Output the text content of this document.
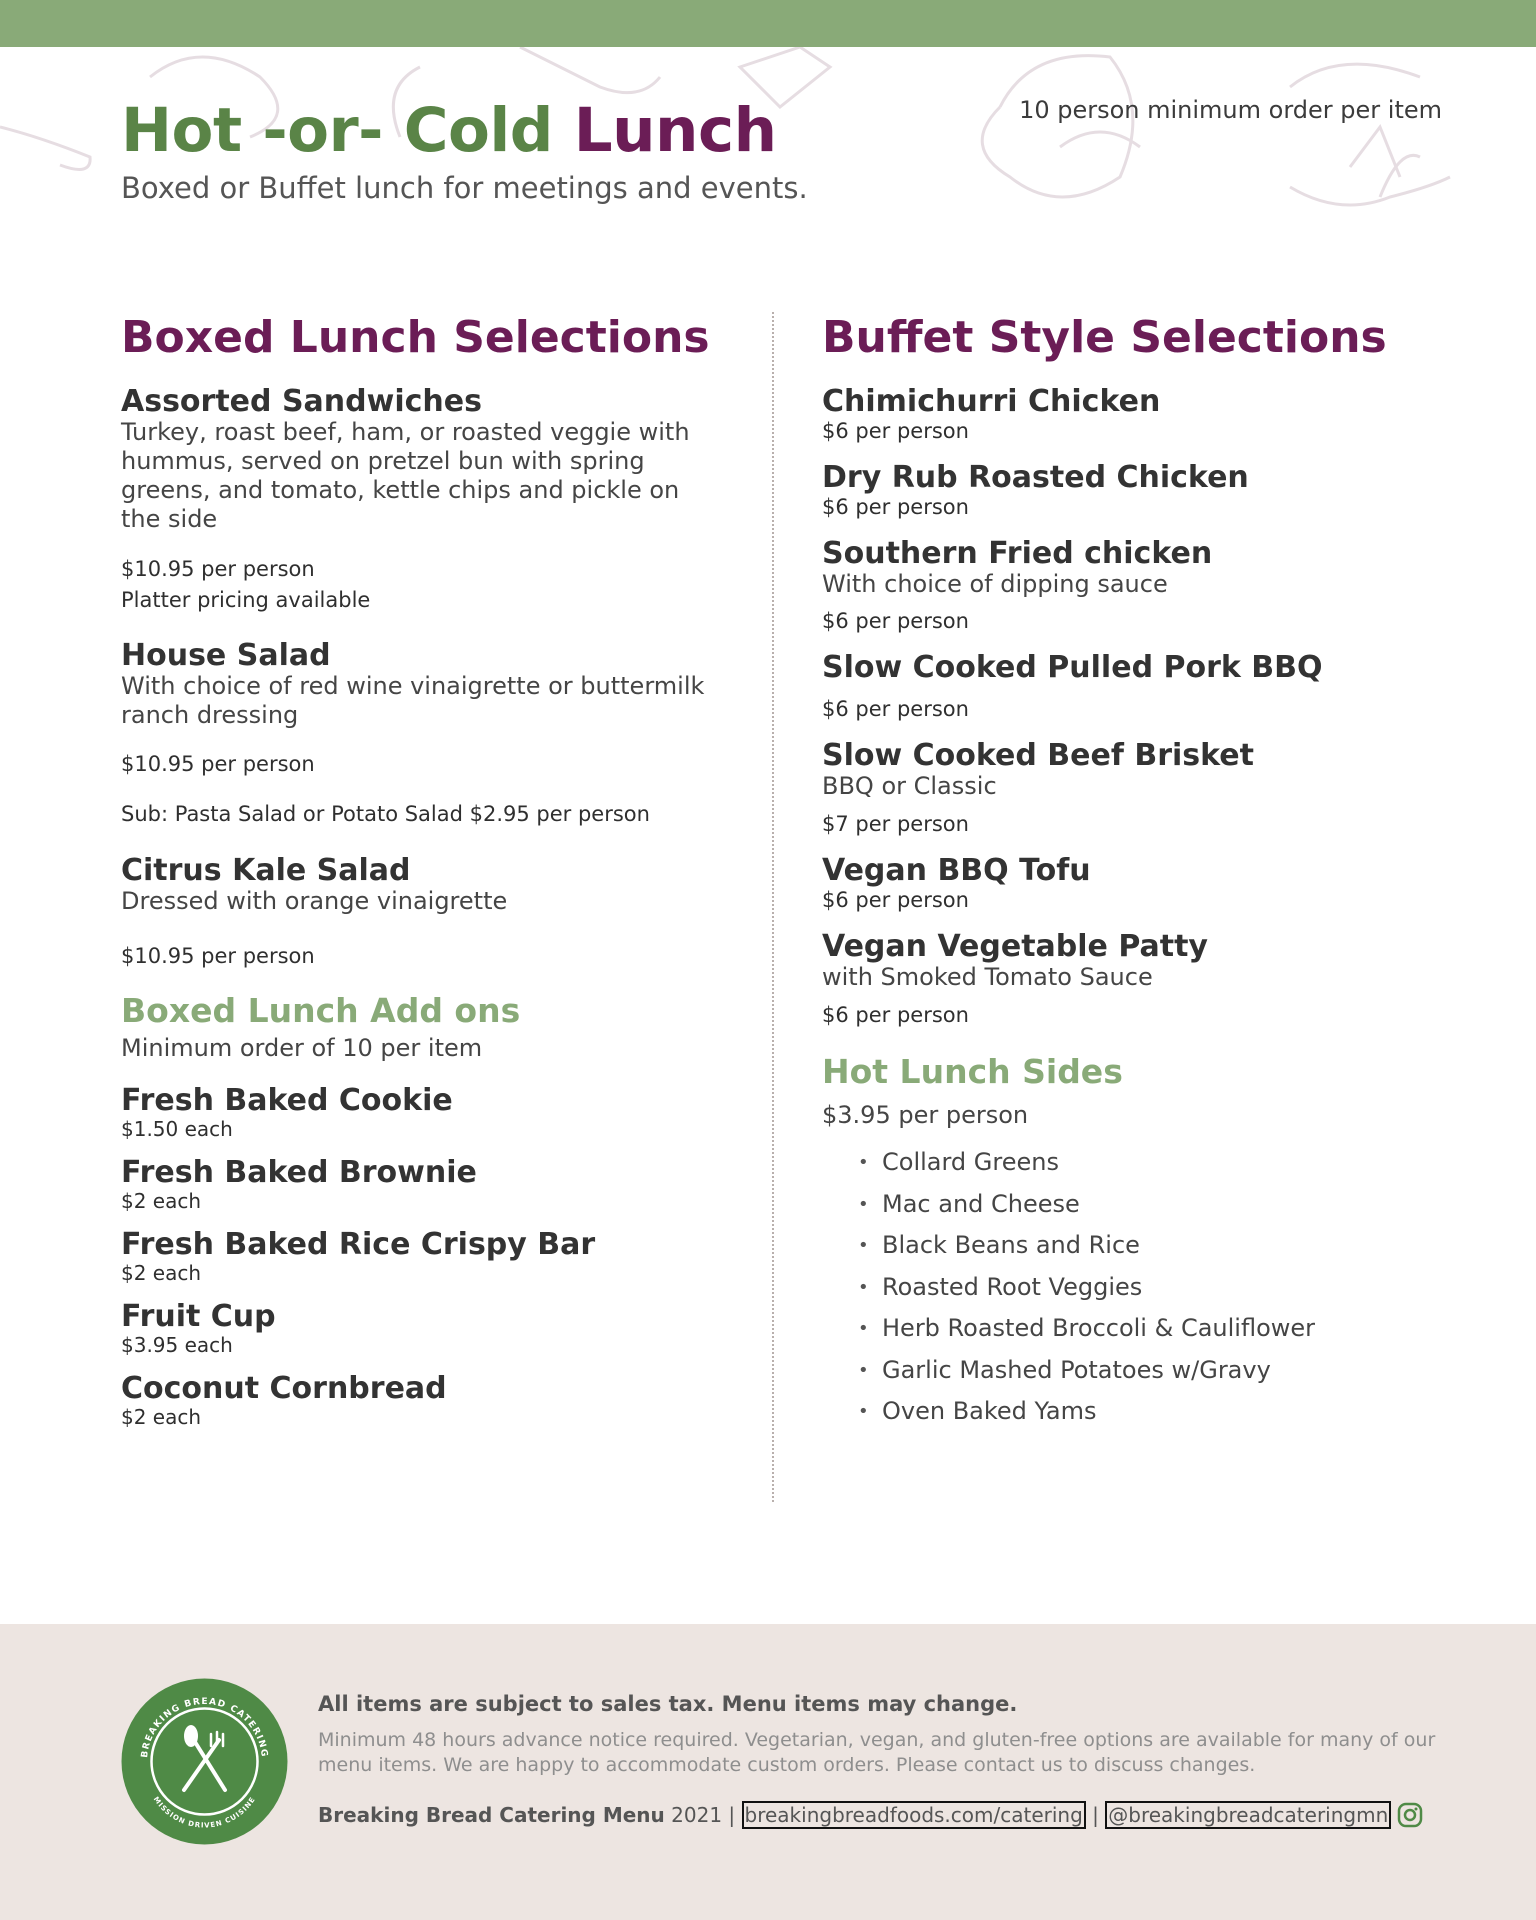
Hot -or- Cold Lunch
Boxed or Buffet lunch for meetings and events.
10 person minimum order per item
Boxed Lunch Selections
Assorted Sandwiches
Turkey, roast beef, ham, or roasted veggie with hummus, served on pretzel bun with spring greens, and tomato, kettle chips and pickle on the side
$10.95 per person
Platter pricing available
House Salad
With choice of red wine vinaigrette or buttermilk ranch dressing
$10.95 per person
Sub: Pasta Salad or Potato Salad $2.95 per person
Citrus Kale Salad
Dressed with orange vinaigrette
$10.95 per person
Boxed Lunch Add ons
Minimum order of 10 per item
Fresh Baked Cookie
$1.50 each
Fresh Baked Brownie
$2 each
Fresh Baked Rice Crispy Bar
$2 each
Fruit Cup
$3.95 each
Coconut Cornbread
$2 each
Buffet Style Selections
Chimichurri Chicken
$6 per person
Dry Rub Roasted Chicken
$6 per person
Southern Fried chicken
With choice of dipping sauce
$6 per person
Slow Cooked Pulled Pork BBQ
$6 per person
Slow Cooked Beef Brisket
BBQ or Classic
$7 per person
Vegan BBQ Tofu
$6 per person
Vegan Vegetable Patty
with Smoked Tomato Sauce
$6 per person
Hot Lunch Sides
$3.95 per person
• Collard Greens
• Mac and Cheese
• Black Beans and Rice
• Roasted Root Veggies
• Herb Roasted Broccoli & Cauliflower
• Garlic Mashed Potatoes w/Gravy
• Oven Baked Yams
BREAKING BREAD CATERING
MISSION DRIVEN CUISINE
All items are subject to sales tax. Menu items may change.
Minimum 48 hours advance notice required. Vegetarian, vegan, and gluten-free options are available for many of our menu items. We are happy to accommodate custom orders. Please contact us to discuss changes.
Breaking Bread Catering Menu
2021
|
breakingbreadfoods.com/catering
|
@breakingbreadcateringmn
